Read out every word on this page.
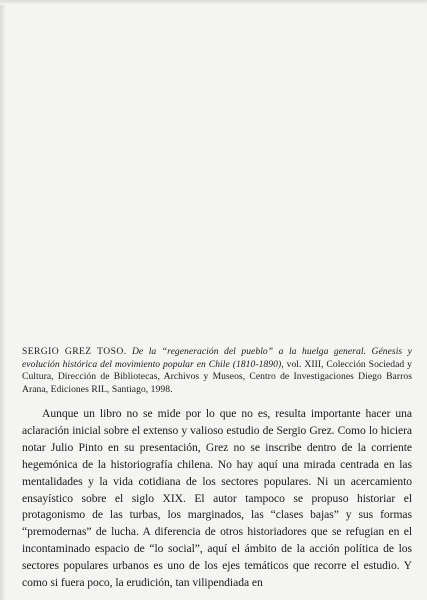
SERGIO GREZ TOSO. De la “regeneración del pueblo” a la huelga general. Génesis y evolución histórica del movimiento popular en Chile (1810-1890), vol. XIII, Colección Sociedad y Cultura, Dirección de Bibliotecas, Archivos y Museos, Centro de Investigaciones Diego Barros Arana, Ediciones RIL, Santiago, 1998.

Aunque un libro no se mide por lo que no es, resulta importante hacer una aclaración inicial sobre el extenso y valioso estudio de Sergio Grez. Como lo hiciera notar Julio Pinto en su presentación, Grez no se inscribe dentro de la corriente hegemónica de la historiografía chilena. No hay aquí una mirada centrada en las mentalidades y la vida cotidiana de los sectores populares. Ni un acercamiento ensayístico sobre el siglo XIX. El autor tampoco se propuso historiar el protagonismo de las turbas, los marginados, las “clases bajas” y sus formas “premodernas” de lucha. A diferencia de otros historiadores que se refugian en el incontaminado espacio de “lo social”, aquí el ámbito de la acción política de los sectores populares urbanos es uno de los ejes temáticos que recorre el estudio. Y como si fuera poco, la erudición, tan vilipendiada en
